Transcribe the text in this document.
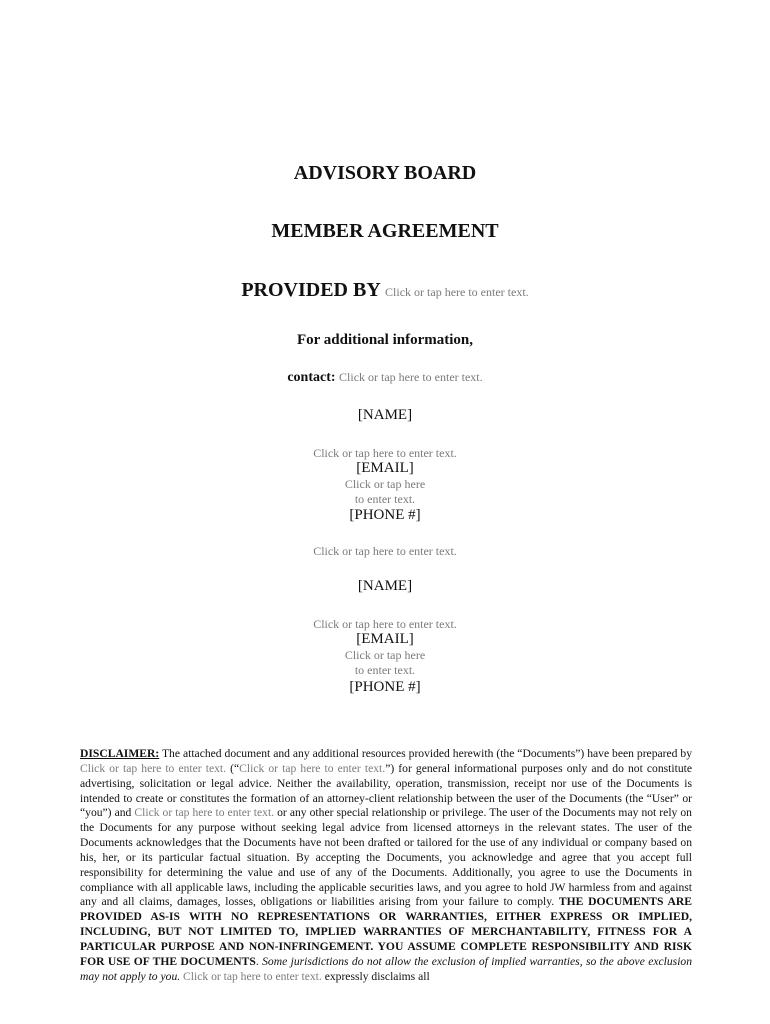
ADVISORY BOARD
MEMBER AGREEMENT
PROVIDED BY Click or tap here to enter text.
For additional information,
contact: Click or tap here to enter text.
[NAME]
Click or tap here to enter text.
[EMAIL]
Click or tap here
to enter text.
[PHONE #]
Click or tap here to enter text.
[NAME]
Click or tap here to enter text.
[EMAIL]
Click or tap here
to enter text.
[PHONE #]
DISCLAIMER: The attached document and any additional resources provided herewith (the “Documents”) have been prepared by Click or tap here to enter text. (“Click or tap here to enter text.”) for general informational purposes only and do not constitute advertising, solicitation or legal advice. Neither the availability, operation, transmission, receipt nor use of the Documents is intended to create or constitutes the formation of an attorney-client relationship between the user of the Documents (the “User” or “you”) and Click or tap here to enter text. or any other special relationship or privilege. The user of the Documents may not rely on the Documents for any purpose without seeking legal advice from licensed attorneys in the relevant states. The user of the Documents acknowledges that the Documents have not been drafted or tailored for the use of any individual or company based on his, her, or its particular factual situation. By accepting the Documents, you acknowledge and agree that you accept full responsibility for determining the value and use of any of the Documents. Additionally, you agree to use the Documents in compliance with all applicable laws, including the applicable securities laws, and you agree to hold JW harmless from and against any and all claims, damages, losses, obligations or liabilities arising from your failure to comply. THE DOCUMENTS ARE PROVIDED AS-IS WITH NO REPRESENTATIONS OR WARRANTIES, EITHER EXPRESS OR IMPLIED, INCLUDING, BUT NOT LIMITED TO, IMPLIED WARRANTIES OF MERCHANTABILITY, FITNESS FOR A PARTICULAR PURPOSE AND NON-INFRINGEMENT. YOU ASSUME COMPLETE RESPONSIBILITY AND RISK FOR USE OF THE DOCUMENTS. Some jurisdictions do not allow the exclusion of implied warranties, so the above exclusion may not apply to you. Click or tap here to enter text. expressly disclaims all
